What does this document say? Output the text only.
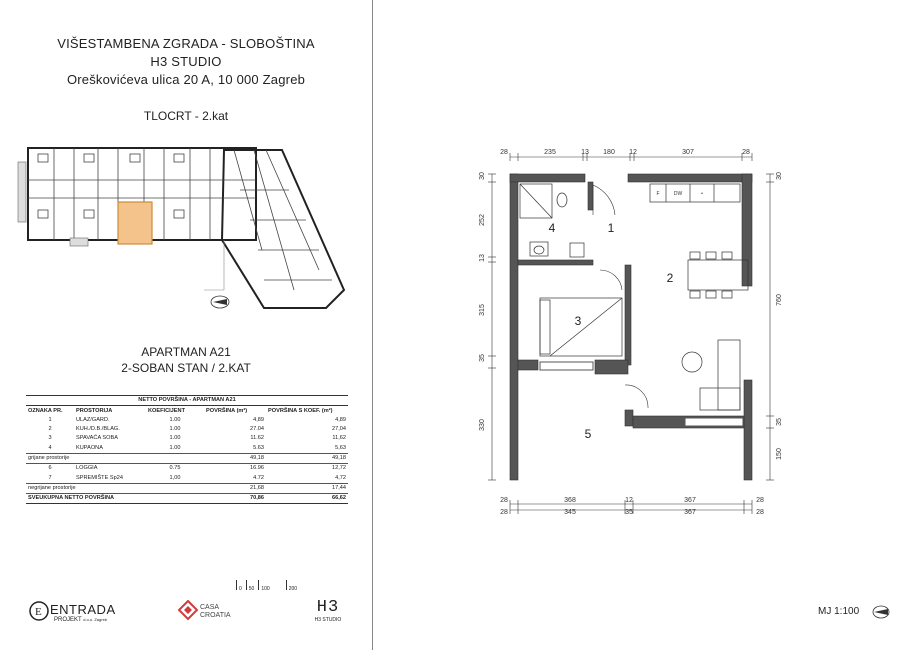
VIŠESTAMBENA ZGRADA - SLOBOŠTINA
H3 STUDIO
Oreškovićeva ulica 20 A, 10 000 Zagreb
TLOCRT - 2.kat
APARTMAN A21
2-SOBAN STAN / 2.KAT
NETTO POVRŠINA - APARTMAN A21				
OZNAKA PR.	PROSTORIJA	KOEFICIJENT	POVRŠINA (m²)	POVRŠINA S KOEF. (m²)
1	ULAZ/GARD.	1.00	4,89	4,89
2	KUH./D.B./BLAG.	1.00	27.04	27,04
3	SPAVAĆA SOBA	1.00	11.62	11,62
4	KUPAONA	1.00	5.63	5,63
grijane prostorije			49,18	49,18
6	LOGGIA	0.75	16.96	12,72
7	SPREMIŠTE Sp24	1,00	4.72	4,72
negrijane prostorije			21,68	17,44
SVEUKUPNA NETTO POVRŠINA			70,86	66,62
0 50 100	200
E ENTRADA
PROJEKT d.o.o. Zagreb
CASA
CROATIA	H3
H3 STUDIO
28	235	13 180 12	307	28
30
252
13
315
35
330
30
760
35
150
F	DW	•
4	1
2
3
5
28	368	12	367	28
28	345	35	367	28
MJ 1:100
